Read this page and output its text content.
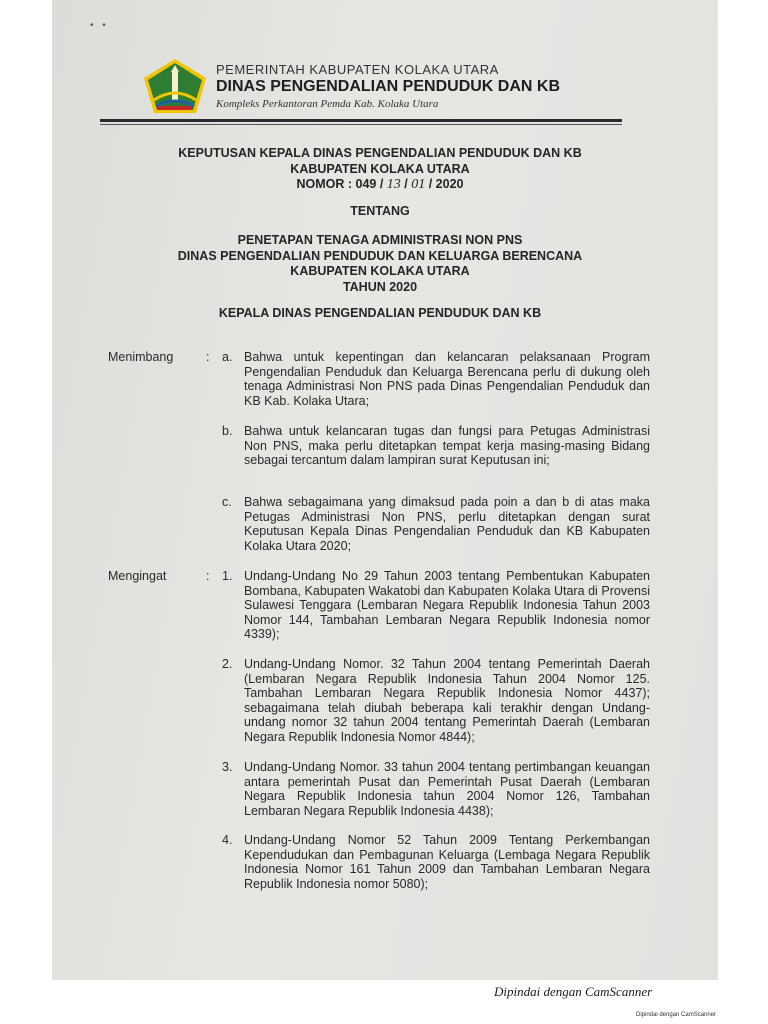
• •
PEMERINTAH KABUPATEN KOLAKA UTARA
DINAS PENGENDALIAN PENDUDUK DAN KB
Kompleks Perkantoran Pemda Kab. Kolaka Utara
KEPUTUSAN KEPALA DINAS PENGENDALIAN PENDUDUK DAN KB
KABUPATEN KOLAKA UTARA
NOMOR : 049 / 13 / 01 / 2020
TENTANG
PENETAPAN TENAGA ADMINISTRASI NON PNS
DINAS PENGENDALIAN PENDUDUK DAN KELUARGA BERENCANA
KABUPATEN KOLAKA UTARA
TAHUN 2020
KEPALA DINAS PENGENDALIAN PENDUDUK DAN KB
Menimbang	: a. Bahwa untuk kepentingan dan kelancaran pelaksanaan Program Pengendalian Penduduk dan Keluarga Berencana perlu di dukung oleh tenaga Administrasi Non PNS pada Dinas Pengendalian Penduduk dan KB Kab. Kolaka Utara;
b. Bahwa untuk kelancaran tugas dan fungsi para Petugas Administrasi Non PNS, maka perlu ditetapkan tempat kerja masing-masing Bidang sebagai tercantum dalam lampiran surat Keputusan ini;
c. Bahwa sebagaimana yang dimaksud pada poin a dan b di atas maka Petugas Administrasi Non PNS, perlu ditetapkan dengan surat Keputusan Kepala Dinas Pengendalian Penduduk dan KB Kabupaten Kolaka Utara 2020;
Mengingat	: 1. Undang-Undang No 29 Tahun 2003 tentang Pembentukan Kabupaten Bombana, Kabupaten Wakatobi dan Kabupaten Kolaka Utara di Provensi Sulawesi Tenggara (Lembaran Negara Republik Indonesia Tahun 2003 Nomor 144, Tambahan Lembaran Negara Republik Indonesia nomor 4339);
2. Undang-Undang Nomor. 32 Tahun 2004 tentang Pemerintah Daerah (Lembaran Negara Republik Indonesia Tahun 2004 Nomor 125. Tambahan Lembaran Negara Republik Indonesia Nomor 4437); sebagaimana telah diubah beberapa kali terakhir dengan Undang-undang nomor 32 tahun 2004 tentang Pemerintah Daerah (Lembaran Negara Republik Indonesia Nomor 4844);
3. Undang-Undang Nomor. 33 tahun 2004 tentang pertimbangan keuangan antara pemerintah Pusat dan Pemerintah Pusat Daerah (Lembaran Negara Republik Indonesia tahun 2004 Nomor 126, Tambahan Lembaran Negara Republik Indonesia 4438);
4. Undang-Undang Nomor 52 Tahun 2009 Tentang Perkembangan Kependudukan dan Pembagunan Keluarga (Lembaga Negara Republik Indonesia Nomor 161 Tahun 2009 dan Tambahan Lembaran Negara Republik Indonesia nomor 5080);
Dipindai dengan CamScanner
Dipindai dengan CamScanner
